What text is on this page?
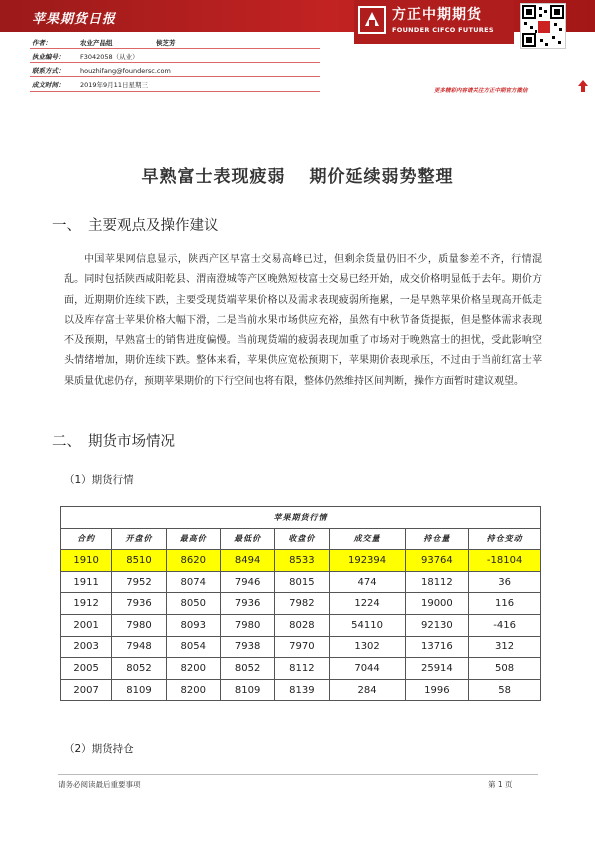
苹果期货日报
作者：	农业产品组	侯芝芳
执业编号： F3042058（从业）
联系方式： houzhifang@foundersc.com
成文时间： 2019年9月11日星期三
方正中期期货
FOUNDER CIFCO FUTURES
更多精彩内容请关注方正中期官方微信
早熟富士表现疲弱 期价延续弱势整理
一、 主要观点及操作建议
中国苹果网信息显示，陕西产区早富士交易高峰已过，但剩余货量仍旧不少，质量参差不齐，行情混乱。同时包括陕西咸阳乾县、渭南澄城等产区晚熟短枝富士交易已经开始，成交价格明显低于去年。期价方面，近期期价连续下跌，主要受现货端苹果价格以及需求表现疲弱所拖累，一是早熟苹果价格呈现高开低走以及库存富士苹果价格大幅下滑，二是当前水果市场供应充裕，虽然有中秋节备货提振，但是整体需求表现不及预期，早熟富士的销售进度偏慢。当前现货端的疲弱表现加重了市场对于晚熟富士的担忧，受此影响空头情绪增加，期价连续下跌。整体来看，苹果供应宽松预期下，苹果期价表现承压，不过由于当前红富士苹果质量优虑仍存，预期苹果期价的下行空间也将有限，整体仍然维持区间判断，操作方面暂时建议观望。
二、 期货市场情况
（1）期货行情
苹果期货行情							
合约	开盘价	最高价	最低价	收盘价	成交量	持仓量	持仓变动
1910	8510	8620	8494	8533	192394	93764	-18104
1911	7952	8074	7946	8015	474	18112	36
1912	7936	8050	7936	7982	1224	19000	116
2001	7980	8093	7980	8028	54110	92130	-416
2003	7948	8054	7938	7970	1302	13716	312
2005	8052	8200	8052	8112	7044	25914	508
2007	8109	8200	8109	8139	284	1996	58
（2）期货持仓
请务必阅读最后重要事项	第 1 页
